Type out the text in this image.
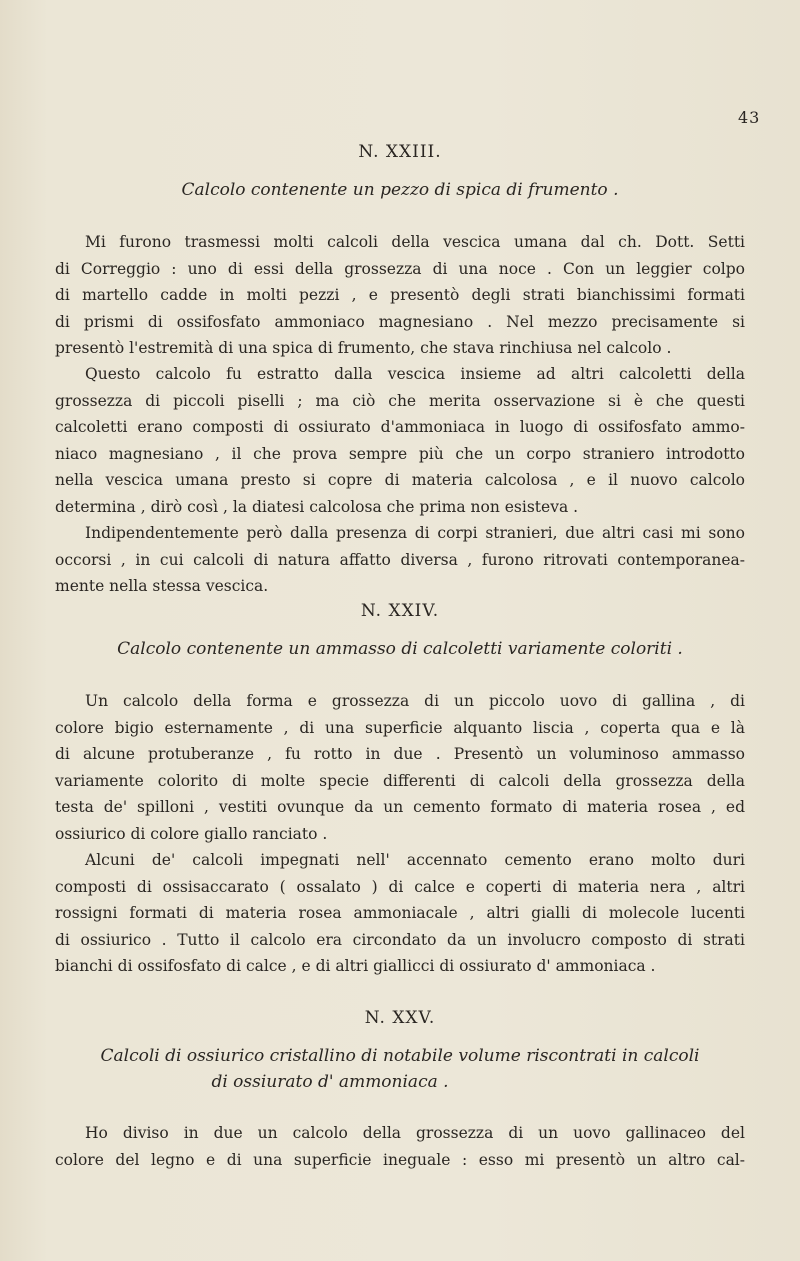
43
N. XXIII.
Calcolo contenente un pezzo di spica di frumento .
Mi furono trasmessi molti calcoli della vescica umana dal ch. Dott. Setti
di Correggio : uno di essi della grossezza di una noce . Con un leggier colpo
di martello cadde in molti pezzi , e presentò degli strati bianchissimi formati
di prismi di ossifosfato ammoniaco magnesiano . Nel mezzo precisamente si
presentò l'estremità di una spica di frumento, che stava rinchiusa nel calcolo .
Questo calcolo fu estratto dalla vescica insieme ad altri calcoletti della
grossezza di piccoli piselli ; ma ciò che merita osservazione si è che questi
calcoletti erano composti di ossiurato d'ammoniaca in luogo di ossifosfato ammo-
niaco magnesiano , il che prova sempre più che un corpo straniero introdotto
nella vescica umana presto si copre di materia calcolosa , e il nuovo calcolo
determina , dirò così , la diatesi calcolosa che prima non esisteva .
Indipendentemente però dalla presenza di corpi stranieri, due altri casi mi sono
occorsi , in cui calcoli di natura affatto diversa , furono ritrovati contemporanea-
mente nella stessa vescica.
N. XXIV.
Calcolo contenente un ammasso di calcoletti variamente coloriti .
Un calcolo della forma e grossezza di un piccolo uovo di gallina , di
colore bigio esternamente , di una superficie alquanto liscia , coperta qua e là
di alcune protuberanze , fu rotto in due . Presentò un voluminoso ammasso
variamente colorito di molte specie differenti di calcoli della grossezza della
testa de' spilloni , vestiti ovunque da un cemento formato di materia rosea , ed
ossiurico di colore giallo ranciato .
Alcuni de' calcoli impegnati nell' accennato cemento erano molto duri
composti di ossisaccarato ( ossalato ) di calce e coperti di materia nera , altri
rossigni formati di materia rosea ammoniacale , altri gialli di molecole lucenti
di ossiurico . Tutto il calcolo era circondato da un involucro composto di strati
bianchi di ossifosfato di calce , e di altri giallicci di ossiurato d' ammoniaca .
N. XXV.
Calcoli di ossiurico cristallino di notabile volume riscontrati in calcoli
di ossiurato d' ammoniaca .
Ho diviso in due un calcolo della grossezza di un uovo gallinaceo del
colore del legno e di una superficie ineguale : esso mi presentò un altro cal-
